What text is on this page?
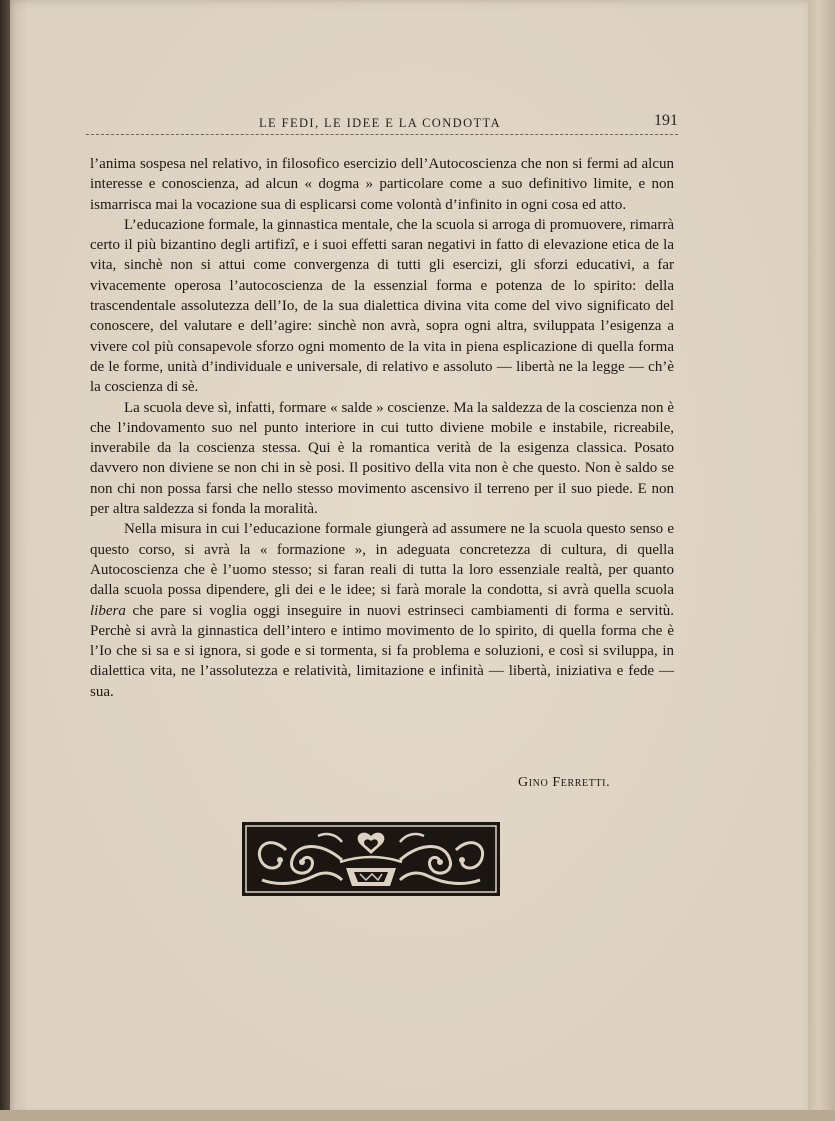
LE FEDI, LE IDEE E LA CONDOTTA	191

l’anima sospesa nel relativo, in filosofico esercizio dell’Autocoscienza che non si fermi ad alcun interesse e conoscienza, ad alcun « dogma » particolare come a suo definitivo limite, e non ismarrisca mai la vocazione sua di esplicarsi come volontà d’infinito in ogni cosa ed atto.

L’educazione formale, la ginnastica mentale, che la scuola si arroga di promuovere, rimarrà certo il più bizantino degli artifizî, e i suoi effetti saran negativi in fatto di elevazione etica de la vita, sinchè non si attui come convergenza di tutti gli esercizi, gli sforzi educativi, a far vivacemente operosa l’autocoscienza de la essenzial forma e potenza de lo spirito: della trascendentale assolutezza dell’Io, de la sua dialettica divina vita come del vivo significato del conoscere, del valutare e dell’agire: sinchè non avrà, sopra ogni altra, sviluppata l’esigenza a vivere col più consapevole sforzo ogni momento de la vita in piena esplicazione di quella forma de le forme, unità d’individuale e universale, di relativo e assoluto — libertà ne la legge — ch’è la coscienza di sè.

La scuola deve sì, infatti, formare « salde » coscienze. Ma la saldezza de la coscienza non è che l’indovamento suo nel punto interiore in cui tutto diviene mobile e instabile, ricreabile, inverabile da la coscienza stessa. Qui è la romantica verità de la esigenza classica. Posato davvero non diviene se non chi in sè posi. Il positivo della vita non è che questo. Non è saldo se non chi non possa farsi che nello stesso movimento ascensivo il terreno per il suo piede. E non per altra saldezza si fonda la moralità.

Nella misura in cui l’educazione formale giungerà ad assumere ne la scuola questo senso e questo corso, si avrà la « formazione », in adeguata concretezza di cultura, di quella Autocoscienza che è l’uomo stesso; si faran reali di tutta la loro essenziale realtà, per quanto dalla scuola possa dipendere, gli dei e le idee; si farà morale la condotta, si avrà quella scuola libera che pare si voglia oggi inseguire in nuovi estrinseci cambiamenti di forma e servitù. Perchè si avrà la ginnastica dell’intero e intimo movimento de lo spirito, di quella forma che è l’Io che si sa e si ignora, si gode e si tormenta, si fa problema e soluzioni, e così si sviluppa, in dialettica vita, ne l’assolutezza e relatività, limitazione e infinità — libertà, iniziativa e fede — sua.

Gino Ferretti.
